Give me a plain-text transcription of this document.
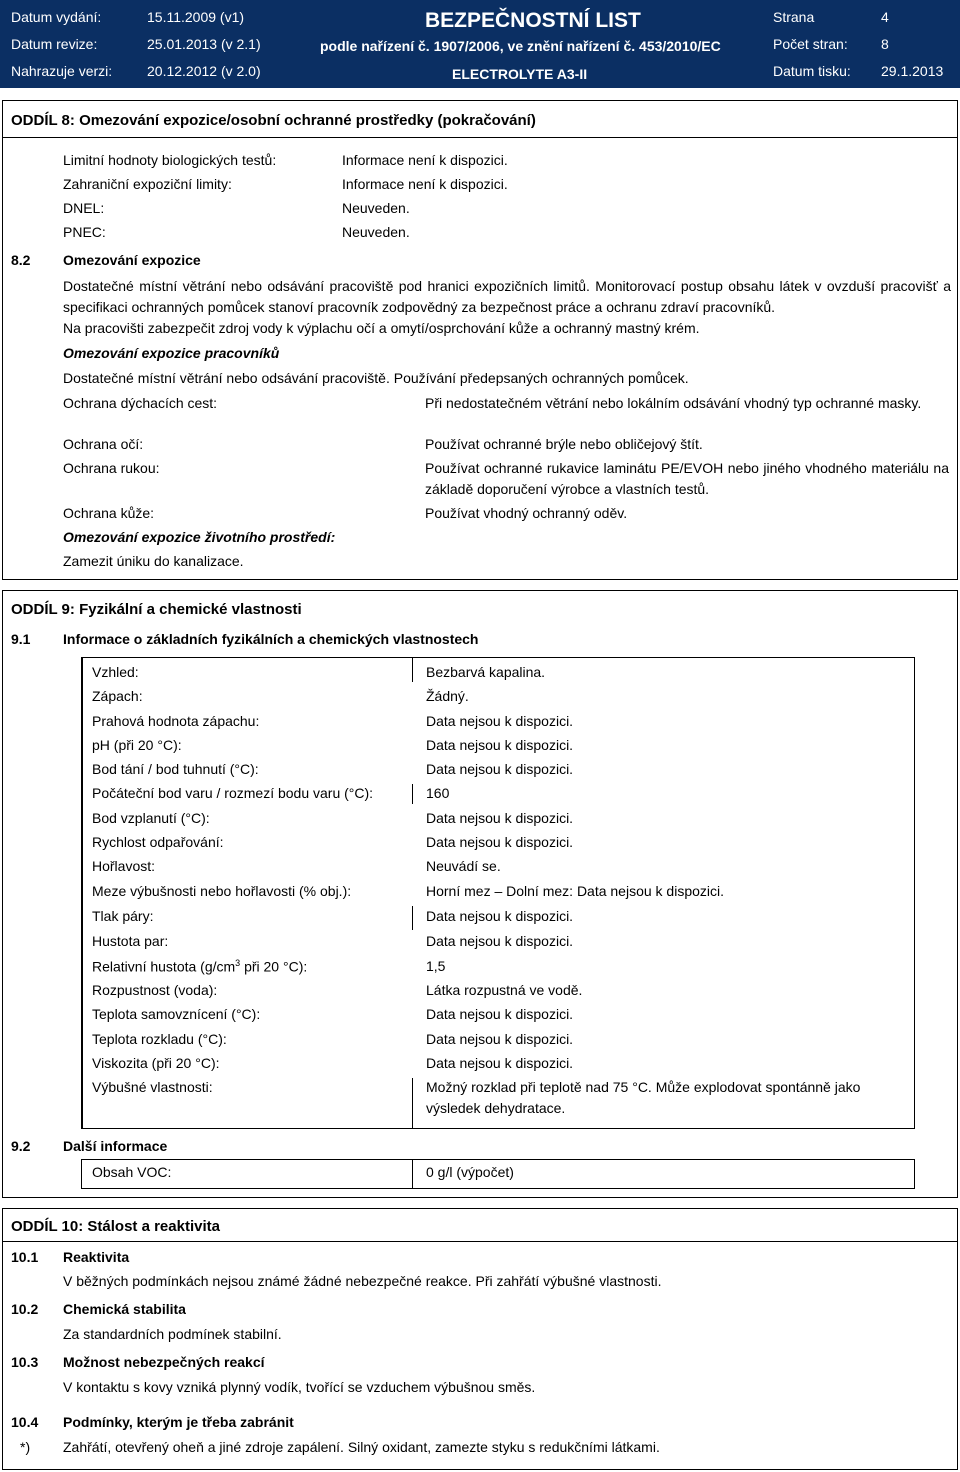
Datum vydání:	15.11.2009 (v1)
Datum revize:	25.01.2013 (v 2.1)
Nahrazuje verzi: 20.12.2012 (v 2.0)
BEZPEČNOSTNÍ LIST
podle nařízení č. 1907/2006, ve znění nařízení č. 453/2010/EC
ELECTROLYTE A3-II
Strana	4
Počet stran: 8
Datum tisku: 29.1.2013
ODDÍL 8: Omezování expozice/osobní ochranné prostředky (pokračování)
Limitní hodnoty biologických testů:	Informace není k dispozici.
Zahraniční expoziční limity:	Informace není k dispozici.
DNEL:	Neuveden.
PNEC:	Neuveden.
8.2 Omezování expozice
Dostatečné místní větrání nebo odsávání pracoviště pod hranici expozičních limitů. Monitorovací postup obsahu látek v ovzduší pracovišť a specifikaci ochranných pomůcek stanoví pracovník zodpovědný za bezpečnost práce a ochranu zdraví pracovníků.
Na pracovišti zabezpečit zdroj vody k výplachu očí a omytí/osprchování kůže a ochranný mastný krém.
Omezování expozice pracovníků
Dostatečné místní větrání nebo odsávání pracoviště. Používání předepsaných ochranných pomůcek.
Ochrana dýchacích cest:	Při nedostatečném větrání nebo lokálním odsávání vhodný typ ochranné masky.
Ochrana očí:	Používat ochranné brýle nebo obličejový štít.
Ochrana rukou:	Používat ochranné rukavice laminátu PE/EVOH nebo jiného vhodného materiálu na základě doporučení výrobce a vlastních testů.
Ochrana kůže:	Používat vhodný ochranný oděv.
Omezování expozice životního prostředí:
Zamezit úniku do kanalizace.
ODDÍL 9: Fyzikální a chemické vlastnosti
9.1 Informace o základních fyzikálních a chemických vlastnostech
Vzhled:	Bezbarvá kapalina.
Zápach:	Žádný.
Prahová hodnota zápachu:	Data nejsou k dispozici.
pH (při 20 °C):	Data nejsou k dispozici.
Bod tání / bod tuhnutí (°C):	Data nejsou k dispozici.
Počáteční bod varu / rozmezí bodu varu (°C):	160
Bod vzplanutí (°C):	Data nejsou k dispozici.
Rychlost odpařování:	Data nejsou k dispozici.
Hořlavost:	Neuvádí se.
Meze výbušnosti nebo hořlavosti (% obj.):	Horní mez – Dolní mez: Data nejsou k dispozici.
Tlak páry:	Data nejsou k dispozici.
Hustota par:	Data nejsou k dispozici.
Relativní hustota ($g/cm^3$ při 20 °C):	1,5
Rozpustnost (voda):	Látka rozpustná ve vodě.
Teplota samovznícení (°C):	Data nejsou k dispozici.
Teplota rozkladu (°C):	Data nejsou k dispozici.
Viskozita (při 20 °C):	Data nejsou k dispozici.
Výbušné vlastnosti:	Možný rozklad při teplotě nad 75 °C. Může explodovat spontánně jako výsledek dehydratace.
9.2 Další informace
Obsah VOC:	0 g/l (výpočet)
ODDÍL 10: Stálost a reaktivita
10.1 Reaktivita
V běžných podmínkách nejsou známé žádné nebezpečné reakce. Při zahřátí výbušné vlastnosti.
10.2 Chemická stabilita
Za standardních podmínek stabilní.
10.3 Možnost nebezpečných reakcí
V kontaktu s kovy vzniká plynný vodík, tvořící se vzduchem výbušnou směs.
10.4 Podmínky, kterým je třeba zabránit
*) Zahřátí, otevřený oheň a jiné zdroje zapálení. Silný oxidant, zamezte styku s redukčními látkami.
